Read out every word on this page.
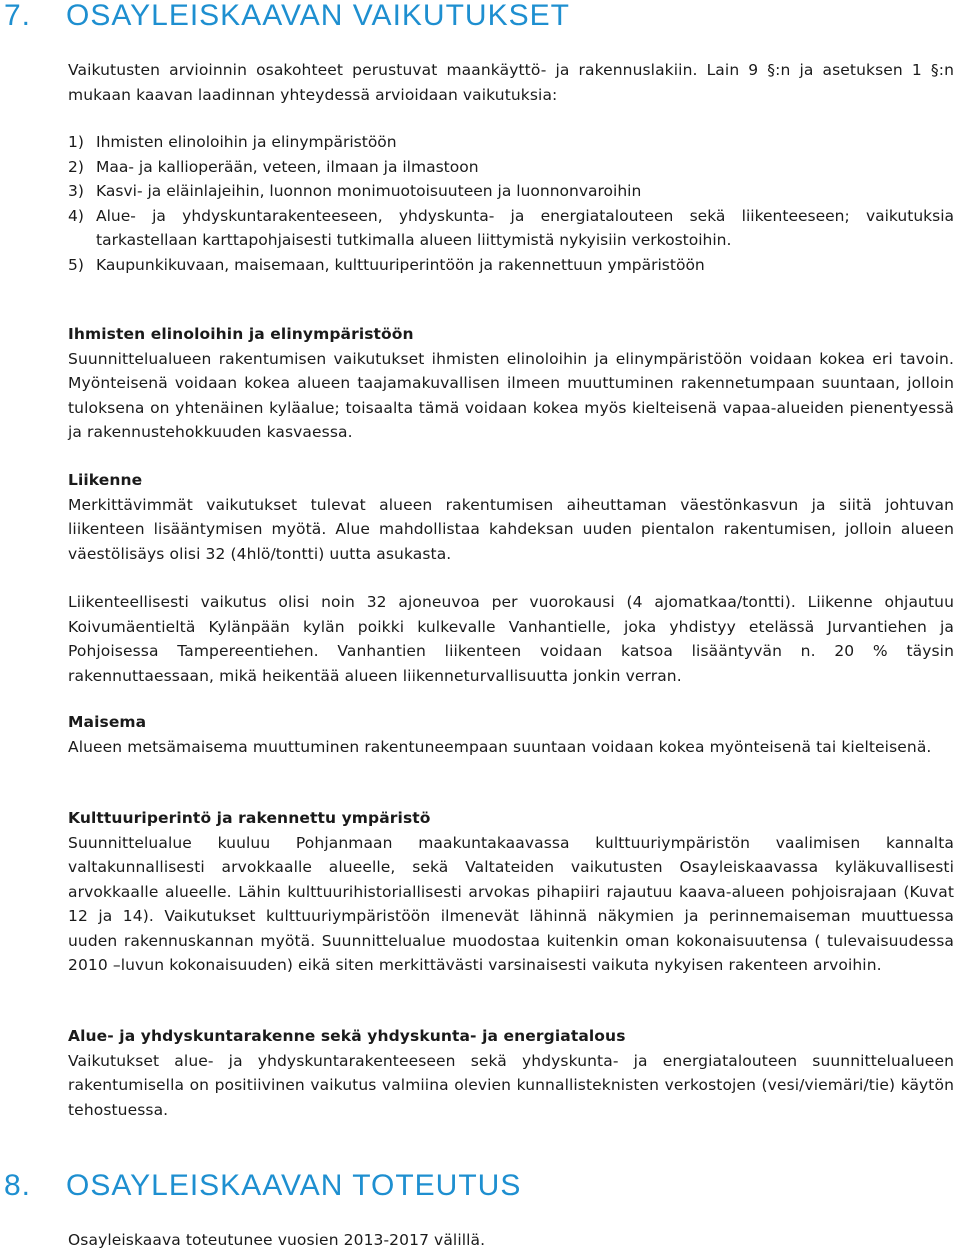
7. OSAYLEISKAAVAN VAIKUTUKSET

Vaikutusten arvioinnin osakohteet perustuvat maankäyttö- ja rakennuslakiin. Lain 9 §:n ja asetuksen 1 §:n mukaan kaavan laadinnan yhteydessä arvioidaan vaikutuksia:

1) Ihmisten elinoloihin ja elinympäristöön
2) Maa- ja kallioperään, veteen, ilmaan ja ilmastoon
3) Kasvi- ja eläinlajeihin, luonnon monimuotoisuuteen ja luonnonvaroihin
4) Alue- ja yhdyskuntarakenteeseen, yhdyskunta- ja energiatalouteen sekä liikenteeseen; vaikutuksia tarkastellaan karttapohjaisesti tutkimalla alueen liittymistä nykyisiin verkostoihin.
5) Kaupunkikuvaan, maisemaan, kulttuuriperintöön ja rakennettuun ympäristöön
Ihmisten elinoloihin ja elinympäristöön

Suunnittelualueen rakentumisen vaikutukset ihmisten elinoloihin ja elinympäristöön voidaan kokea eri tavoin. Myönteisenä voidaan kokea alueen taajamakuvallisen ilmeen muuttuminen rakennetumpaan suuntaan, jolloin tuloksena on yhtenäinen kyläalue; toisaalta tämä voidaan kokea myös kielteisenä vapaa-alueiden pienentyessä ja rakennustehokkuuden kasvaessa.

Liikenne

Merkittävimmät vaikutukset tulevat alueen rakentumisen aiheuttaman väestönkasvun ja siitä johtuvan liikenteen lisääntymisen myötä. Alue mahdollistaa kahdeksan uuden pientalon rakentumisen, jolloin alueen väestölisäys olisi 32 (4hlö/tontti) uutta asukasta.

Liikenteellisesti vaikutus olisi noin 32 ajoneuvoa per vuorokausi (4 ajomatkaa/tontti). Liikenne ohjautuu Koivumäentieltä Kylänpään kylän poikki kulkevalle Vanhantielle, joka yhdistyy etelässä Jurvantiehen ja Pohjoisessa Tampereentiehen. Vanhantien liikenteen voidaan katsoa lisääntyvän n. 20 % täysin rakennuttaessaan, mikä heikentää alueen liikenneturvallisuutta jonkin verran.

Maisema

Alueen metsämaisema muuttuminen rakentuneempaan suuntaan voidaan kokea myönteisenä tai kielteisenä.

Kulttuuriperintö ja rakennettu ympäristö

Suunnittelualue kuuluu Pohjanmaan maakuntakaavassa kulttuuriympäristön vaalimisen kannalta valtakunnallisesti arvokkaalle alueelle, sekä Valtateiden vaikutusten Osayleiskaavassa kyläkuvallisesti arvokkaalle alueelle. Lähin kulttuurihistoriallisesti arvokas pihapiiri rajautuu kaava-alueen pohjoisrajaan (Kuvat 12 ja 14). Vaikutukset kulttuuriympäristöön ilmenevät lähinnä näkymien ja perinnemaiseman muuttuessa uuden rakennuskannan myötä. Suunnittelualue muodostaa kuitenkin oman kokonaisuutensa ( tulevaisuudessa 2010 –luvun kokonaisuuden) eikä siten merkittävästi varsinaisesti vaikuta nykyisen rakenteen arvoihin.

Alue- ja yhdyskuntarakenne sekä yhdyskunta- ja energiatalous

Vaikutukset alue- ja yhdyskuntarakenteeseen sekä yhdyskunta- ja energiatalouteen suunnittelualueen rakentumisella on positiivinen vaikutus valmiina olevien kunnallisteknisten verkostojen (vesi/viemäri/tie) käytön tehostuessa.

8. OSAYLEISKAAVAN TOTEUTUS

Osayleiskaava toteutunee vuosien 2013-2017 välillä.
